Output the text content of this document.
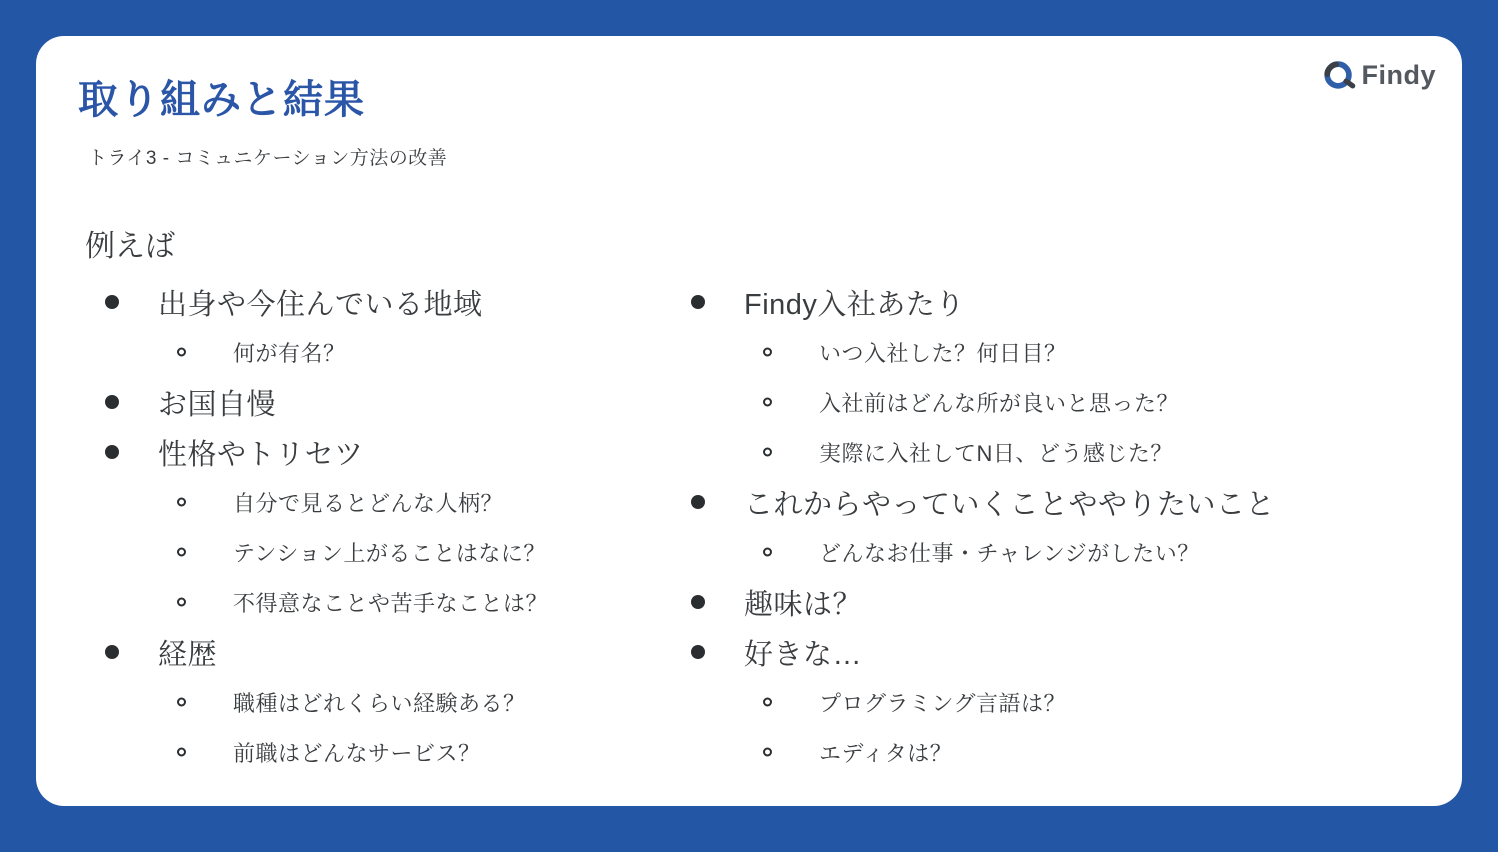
取り組みと結果
トライ3 - コミュニケーション方法の改善
Findy
例えば
出身や今住んでいる地域
何が有名？
お国自慢
性格やトリセツ
自分で見るとどんな人柄？
テンション上がることはなに？
不得意なことや苦手なことは？
経歴
職種はどれくらい経験ある？
前職はどんなサービス？
Findy入社あたり
いつ入社した？何日目？
入社前はどんな所が良いと思った？
実際に入社してN日、どう感じた？
これからやっていくことややりたいこと
どんなお仕事・チャレンジがしたい？
趣味は？
好きな…
プログラミング言語は？
エディタは？
